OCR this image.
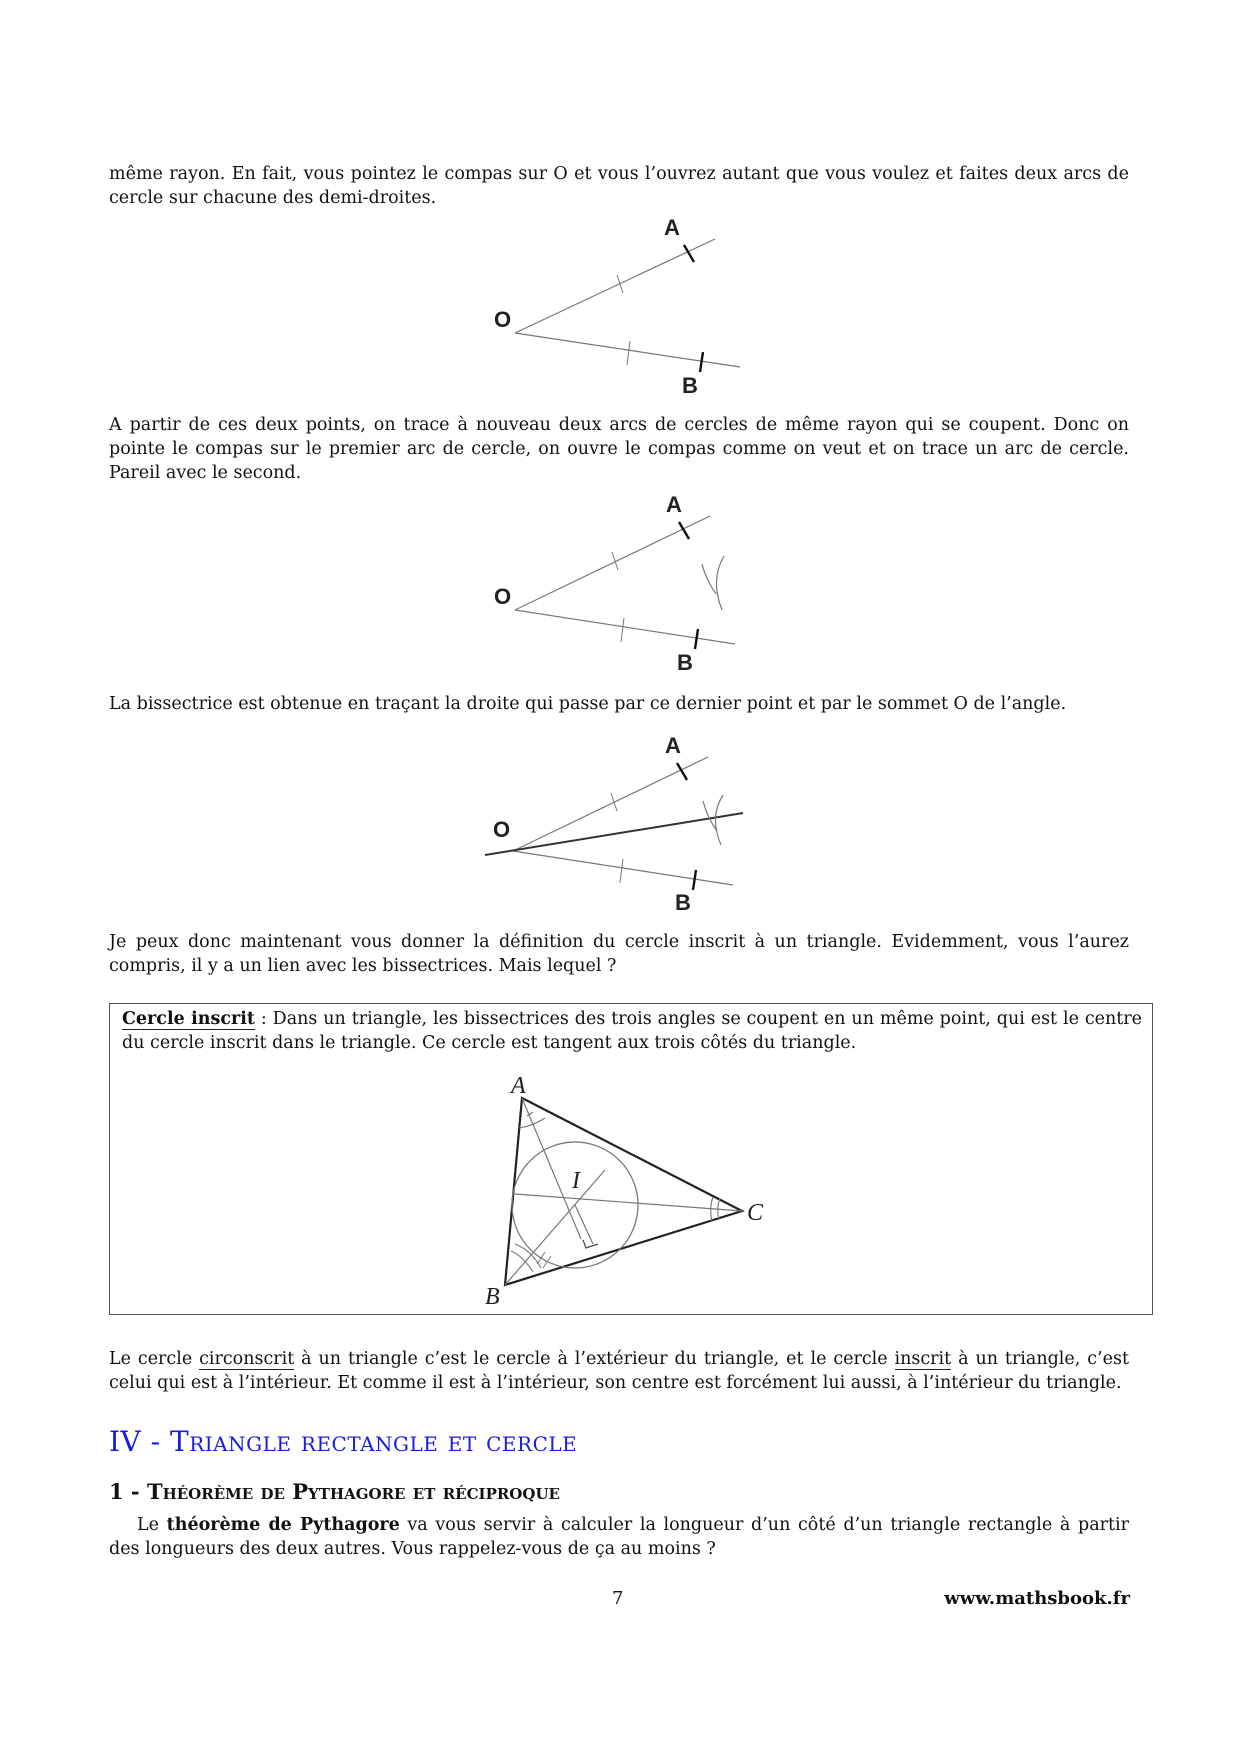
même rayon. En fait, vous pointez le compas sur O et vous l’ouvrez autant que vous voulez et faites deux arcs de cercle sur chacune des demi-droites.

O
A
B

A partir de ces deux points, on trace à nouveau deux arcs de cercles de même rayon qui se coupent. Donc on pointe le compas sur le premier arc de cercle, on ouvre le compas comme on veut et on trace un arc de cercle. Pareil avec le second.

O
A
B

La bissectrice est obtenue en traçant la droite qui passe par ce dernier point et par le sommet O de l’angle.

O
A
B

Je peux donc maintenant vous donner la définition du cercle inscrit à un triangle. Evidemment, vous l’aurez compris, il y a un lien avec les bissectrices. Mais lequel ?

Cercle inscrit : Dans un triangle, les bissectrices des trois angles se coupent en un même point, qui est le centre du cercle inscrit dans le triangle. Ce cercle est tangent aux trois côtés du triangle.

A
B
C
I

Le cercle circonscrit à un triangle c’est le cercle à l’extérieur du triangle, et le cercle inscrit à un triangle, c’est celui qui est à l’intérieur. Et comme il est à l’intérieur, son centre est forcément lui aussi, à l’intérieur du triangle.

IV - Triangle rectangle et cercle
1 - Théorème de Pythagore et réciproque

Le théorème de Pythagore va vous servir à calculer la longueur d’un côté d’un triangle rectangle à partir des longueurs des deux autres. Vous rappelez-vous de ça au moins ?

7	www.mathsbook.fr
